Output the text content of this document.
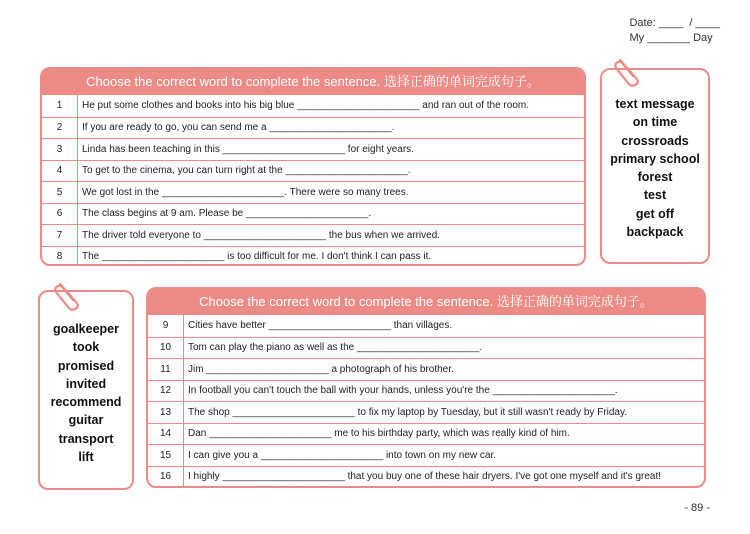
Date: ____  / ____
My _______ Day
Choose the correct word to complete the sentence. 选择正确的单词完成句子。
1	He put some clothes and books into his big blue ______________________ and ran out of the room.
2	If you are ready to go, you can send me a ______________________.
3	Linda has been teaching in this ______________________ for eight years.
4	To get to the cinema, you can turn right at the ______________________.
5	We got lost in the ______________________. There were so many trees.
6	The class begins at 9 am. Please be ______________________.
7	The driver told everyone to ______________________ the bus when we arrived.
8	The ______________________ is too difficult for me. I don't think I can pass it.
text message
on time
crossroads
primary school
forest
test
get off
backpack
goalkeeper
took
promised
invited
recommend
guitar
transport
lift
Choose the correct word to complete the sentence. 选择正确的单词完成句子。
9	Cities have better ______________________ than villages.
10	Tom can play the piano as well as the ______________________.
11	Jim ______________________ a photograph of his brother.
12	In football you can't touch the ball with your hands, unless you're the ______________________.
13	The shop ______________________ to fix my laptop by Tuesday, but it still wasn't ready by Friday.
14	Dan ______________________ me to his birthday party, which was really kind of him.
15	I can give you a ______________________ into town on my new car.
16	I highly ______________________ that you buy one of these hair dryers. I've got one myself and it's great!
- 89 -
